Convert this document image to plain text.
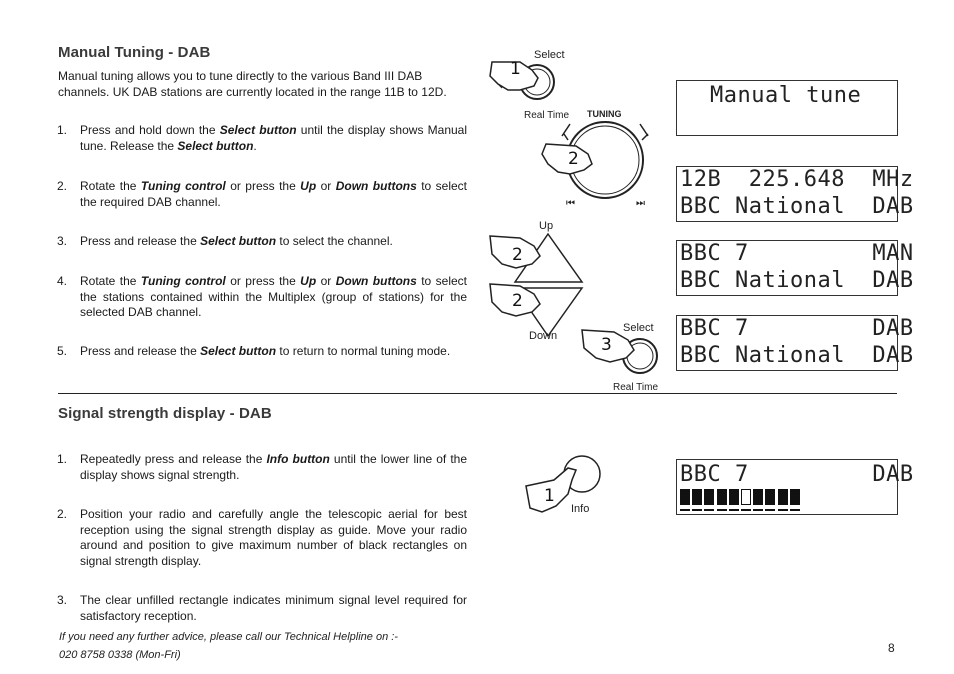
Manual Tuning - DAB
Manual tuning allows you to tune directly to the various Band III DAB
channels. UK DAB stations are currently located in the range 11B to 12D.
1.	Press and hold down the Select button until the display shows Manual tune. Release the Select button.
2.	Rotate the Tuning control or press the Up or Down buttons to select the required DAB channel.
3.	Press and release the Select button to select the channel.
4.	Rotate the Tuning control or press the Up or Down buttons to select the stations contained within the Multiplex (group of stations) for the selected DAB channel.
5.	Press and release the Select button to return to normal tuning mode.
Signal strength display - DAB
1.	Repeatedly press and release the Info button until the lower line of the display shows signal strength.
2.	Position your radio and carefully angle the telescopic aerial for best reception using the signal strength display as guide. Move your radio around and position to give maximum number of black rectangles on signal strength display.
3.	The clear unfilled rectangle indicates minimum signal level required for satisfactory reception.
1
Select
Real Time TUNING
2
⏮	⏭
Up
2
2
Down	3
Select
Real Time
1
Info
Manual tune
12B  225.648  MHz
BBC National  DAB
BBC 7         MAN
BBC National  DAB
BBC 7         DAB
BBC National  DAB
BBC 7         DAB
If you need any further advice, please call our Technical Helpline on :-
020 8758 0338 (Mon-Fri)	8
